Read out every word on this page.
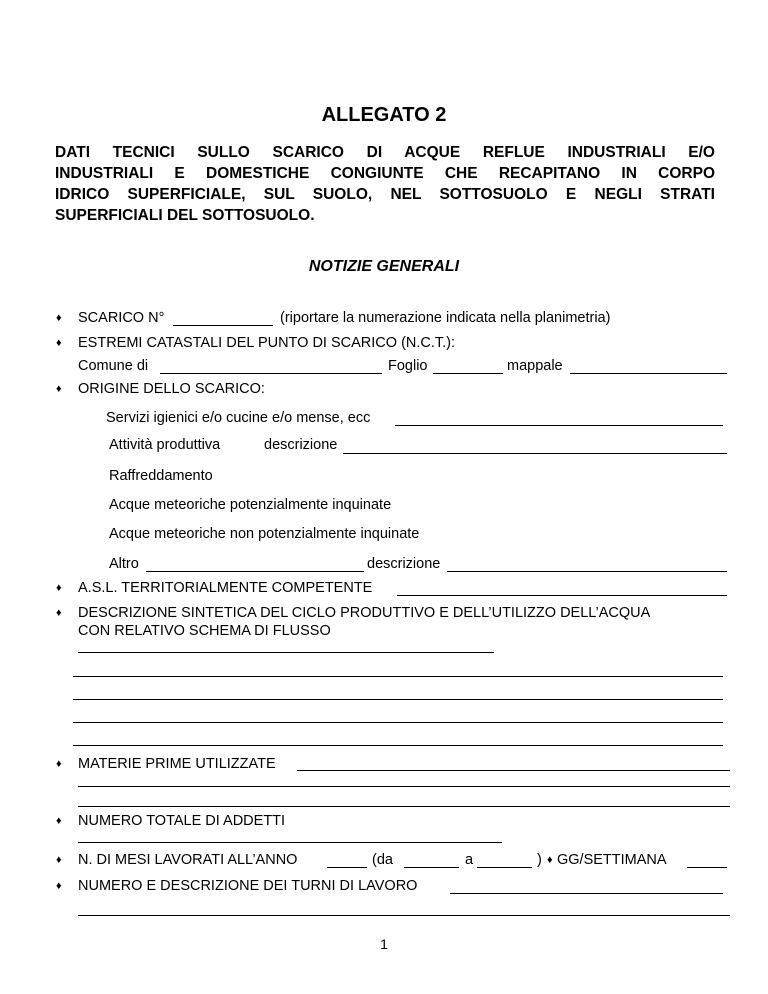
ALLEGATO 2
DATI TECNICI SULLO SCARICO DI ACQUE REFLUE INDUSTRIALI E/O
INDUSTRIALI E DOMESTICHE CONGIUNTE CHE RECAPITANO IN CORPO
IDRICO SUPERFICIALE, SUL SUOLO, NEL SOTTOSUOLO E NEGLI STRATI
SUPERFICIALI DEL SOTTOSUOLO.
NOTIZIE GENERALI
♦ SCARICO N°	(riportare la numerazione indicata nella planimetria)
♦ ESTREMI CATASTALI DEL PUNTO DI SCARICO (N.C.T.):
Comune di	Foglio	mappale
♦ ORIGINE DELLO SCARICO:
Servizi igienici e/o cucine e/o mense, ecc
Attività produttiva	descrizione
Raffreddamento
Acque meteoriche potenzialmente inquinate
Acque meteoriche non potenzialmente inquinate
Altro	descrizione
♦ A.S.L. TERRITORIALMENTE COMPETENTE
♦ DESCRIZIONE SINTETICA DEL CICLO PRODUTTIVO E DELL’UTILIZZO DELL’ACQUA
CON RELATIVO SCHEMA DI FLUSSO
♦ MATERIE PRIME UTILIZZATE
♦ NUMERO TOTALE DI ADDETTI
♦ N. DI MESI LAVORATI ALL’ANNO	(da	a	) ♦ GG/SETTIMANA
♦ NUMERO E DESCRIZIONE DEI TURNI DI LAVORO
1
